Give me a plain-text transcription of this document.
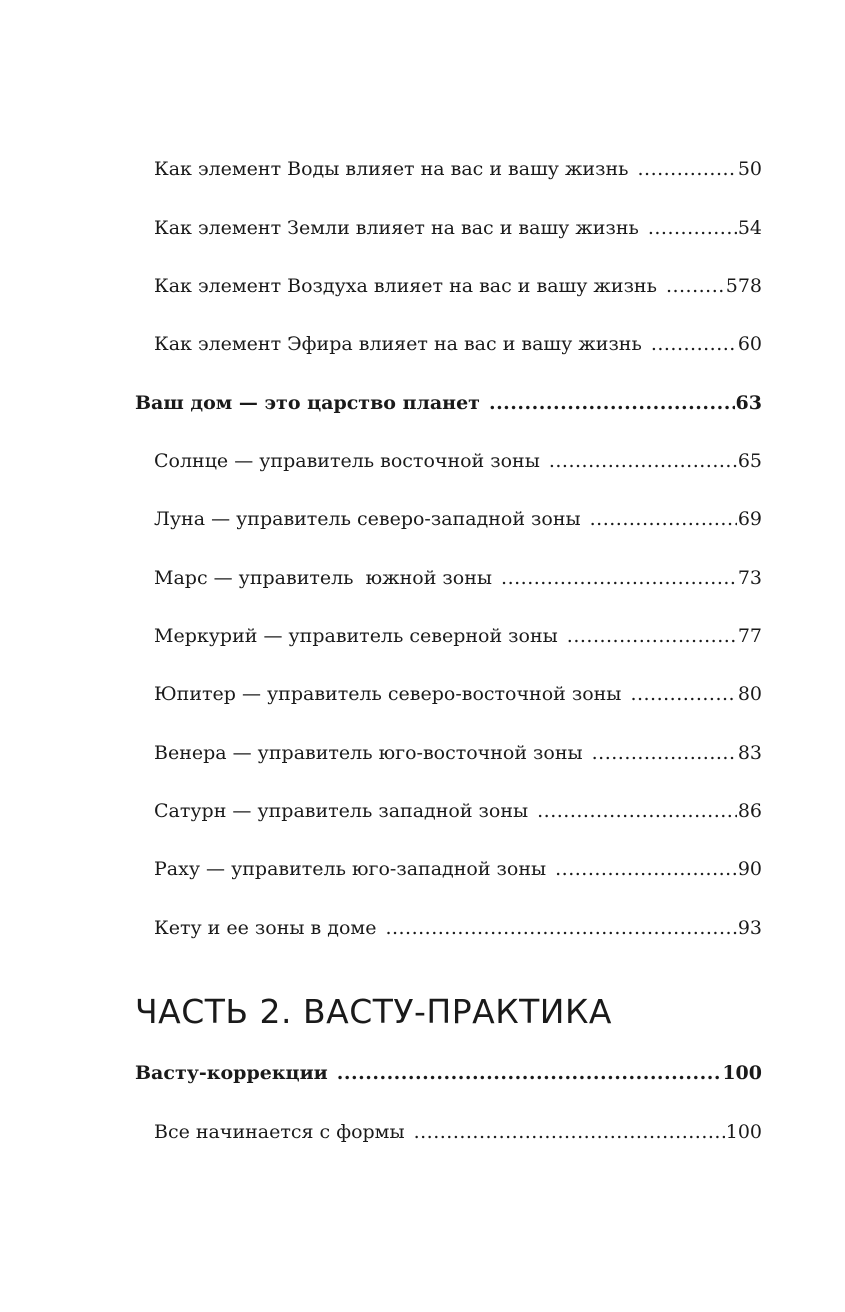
Как элемент Воды влияет на вас и вашу жизнь .....	50
Как элемент Земли влияет на вас и вашу жизнь .....	54
Как элемент Воздуха влияет на вас и вашу жизнь .....	578
Как элемент Эфира влияет на вас и вашу жизнь .....	60
Ваш дом — это царство планет .....	63
Солнце — управитель восточной зоны .....	65
Луна — управитель северо-западной зоны .....	69
Марс — управитель  южной зоны .....	73
Меркурий — управитель северной зоны .....	77
Юпитер — управитель северо-восточной зоны .....	80
Венера — управитель юго-восточной зоны .....	83
Сатурн — управитель западной зоны .....	86
Раху — управитель юго-западной зоны .....	90
Кету и ее зоны в доме .....	93
ЧАСТЬ 2. ВАСТУ-ПРАКТИКА
Васту-коррекции .....	100
Все начинается с формы .....	100
